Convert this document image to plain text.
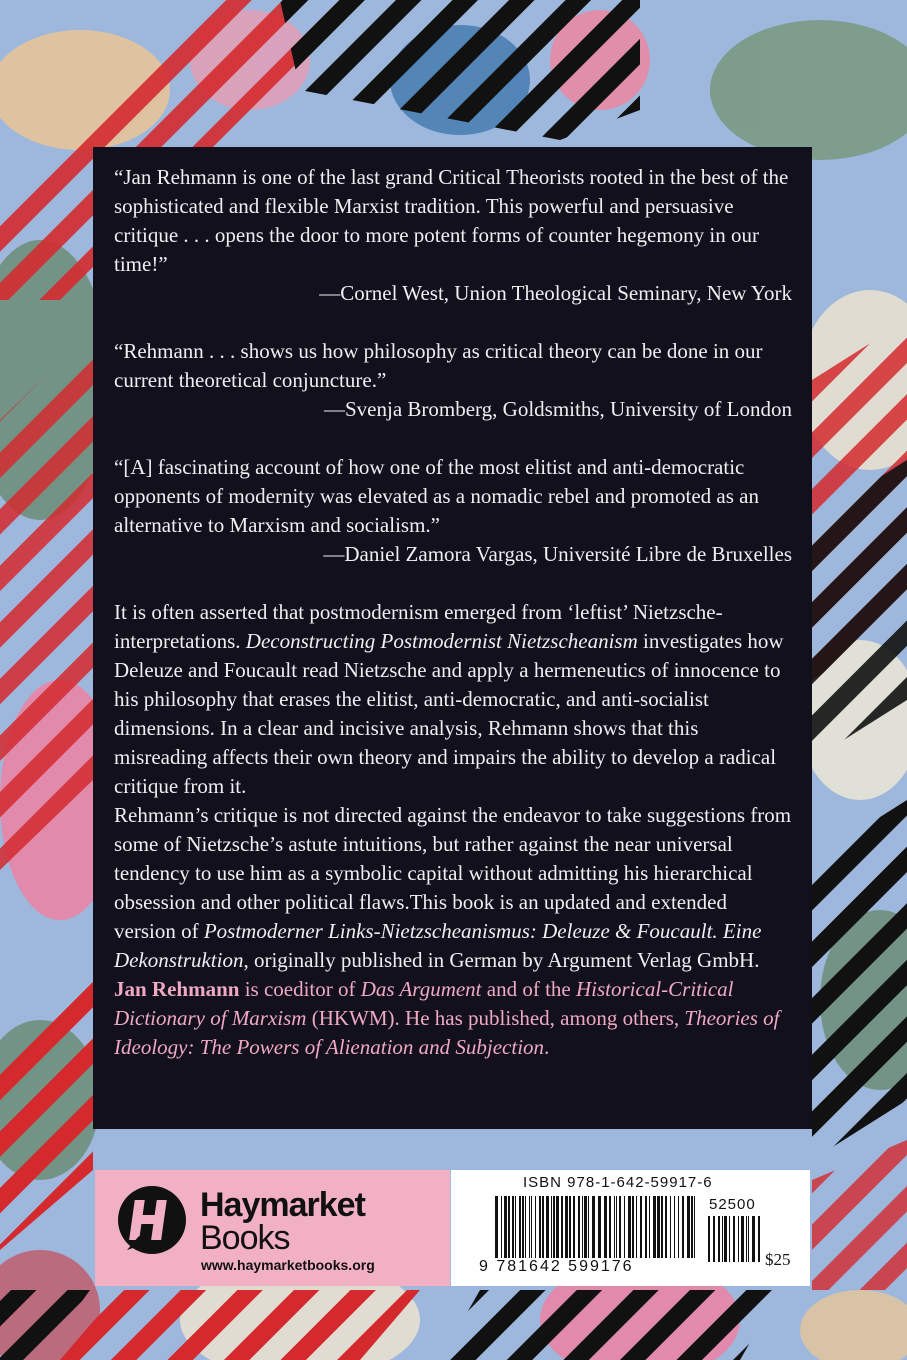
“Jan Rehmann is one of the last grand Critical Theorists rooted in the best of the sophisticated and flexible Marxist tradition. This powerful and persuasive critique . . . opens the door to more potent forms of counter hegemony in our time!”

—Cornel West, Union Theological Seminary, New York

“Rehmann . . . shows us how philosophy as critical theory can be done in our current theoretical conjuncture.”

—Svenja Bromberg, Goldsmiths, University of London

“[A] fascinating account of how one of the most elitist and anti-democratic opponents of modernity was elevated as a nomadic rebel and promoted as an alternative to Marxism and socialism.”

—Daniel Zamora Vargas, Université Libre de Bruxelles

It is often asserted that postmodernism emerged from ‘leftist’ Nietzsche-interpretations. Deconstructing Postmodernist Nietzscheanism investigates how Deleuze and Foucault read Nietzsche and apply a hermeneutics of innocence to his philosophy that erases the elitist, anti-democratic, and anti-socialist dimensions. In a clear and incisive analysis, Rehmann shows that this misreading affects their own theory and impairs the ability to develop a radical critique from it.

Rehmann’s critique is not directed against the endeavor to take suggestions from some of Nietzsche’s astute intuitions, but rather against the near universal tendency to use him as a symbolic capital without admitting his hierarchical obsession and other political flaws.This book is an updated and extended version of Postmoderner Links-Nietzscheanismus: Deleuze & Foucault. Eine Dekonstruktion, originally published in German by Argument Verlag GmbH.

Jan Rehmann is coeditor of Das Argument and of the Historical-Critical Dictionary of Marxism (HKWM). He has published, among others, Theories of Ideology: The Powers of Alienation and Subjection.

Haymarket
Books
www.haymarketbooks.org
ISBN 978-1-642-59917-6
52500
9 781642 599176	$25
